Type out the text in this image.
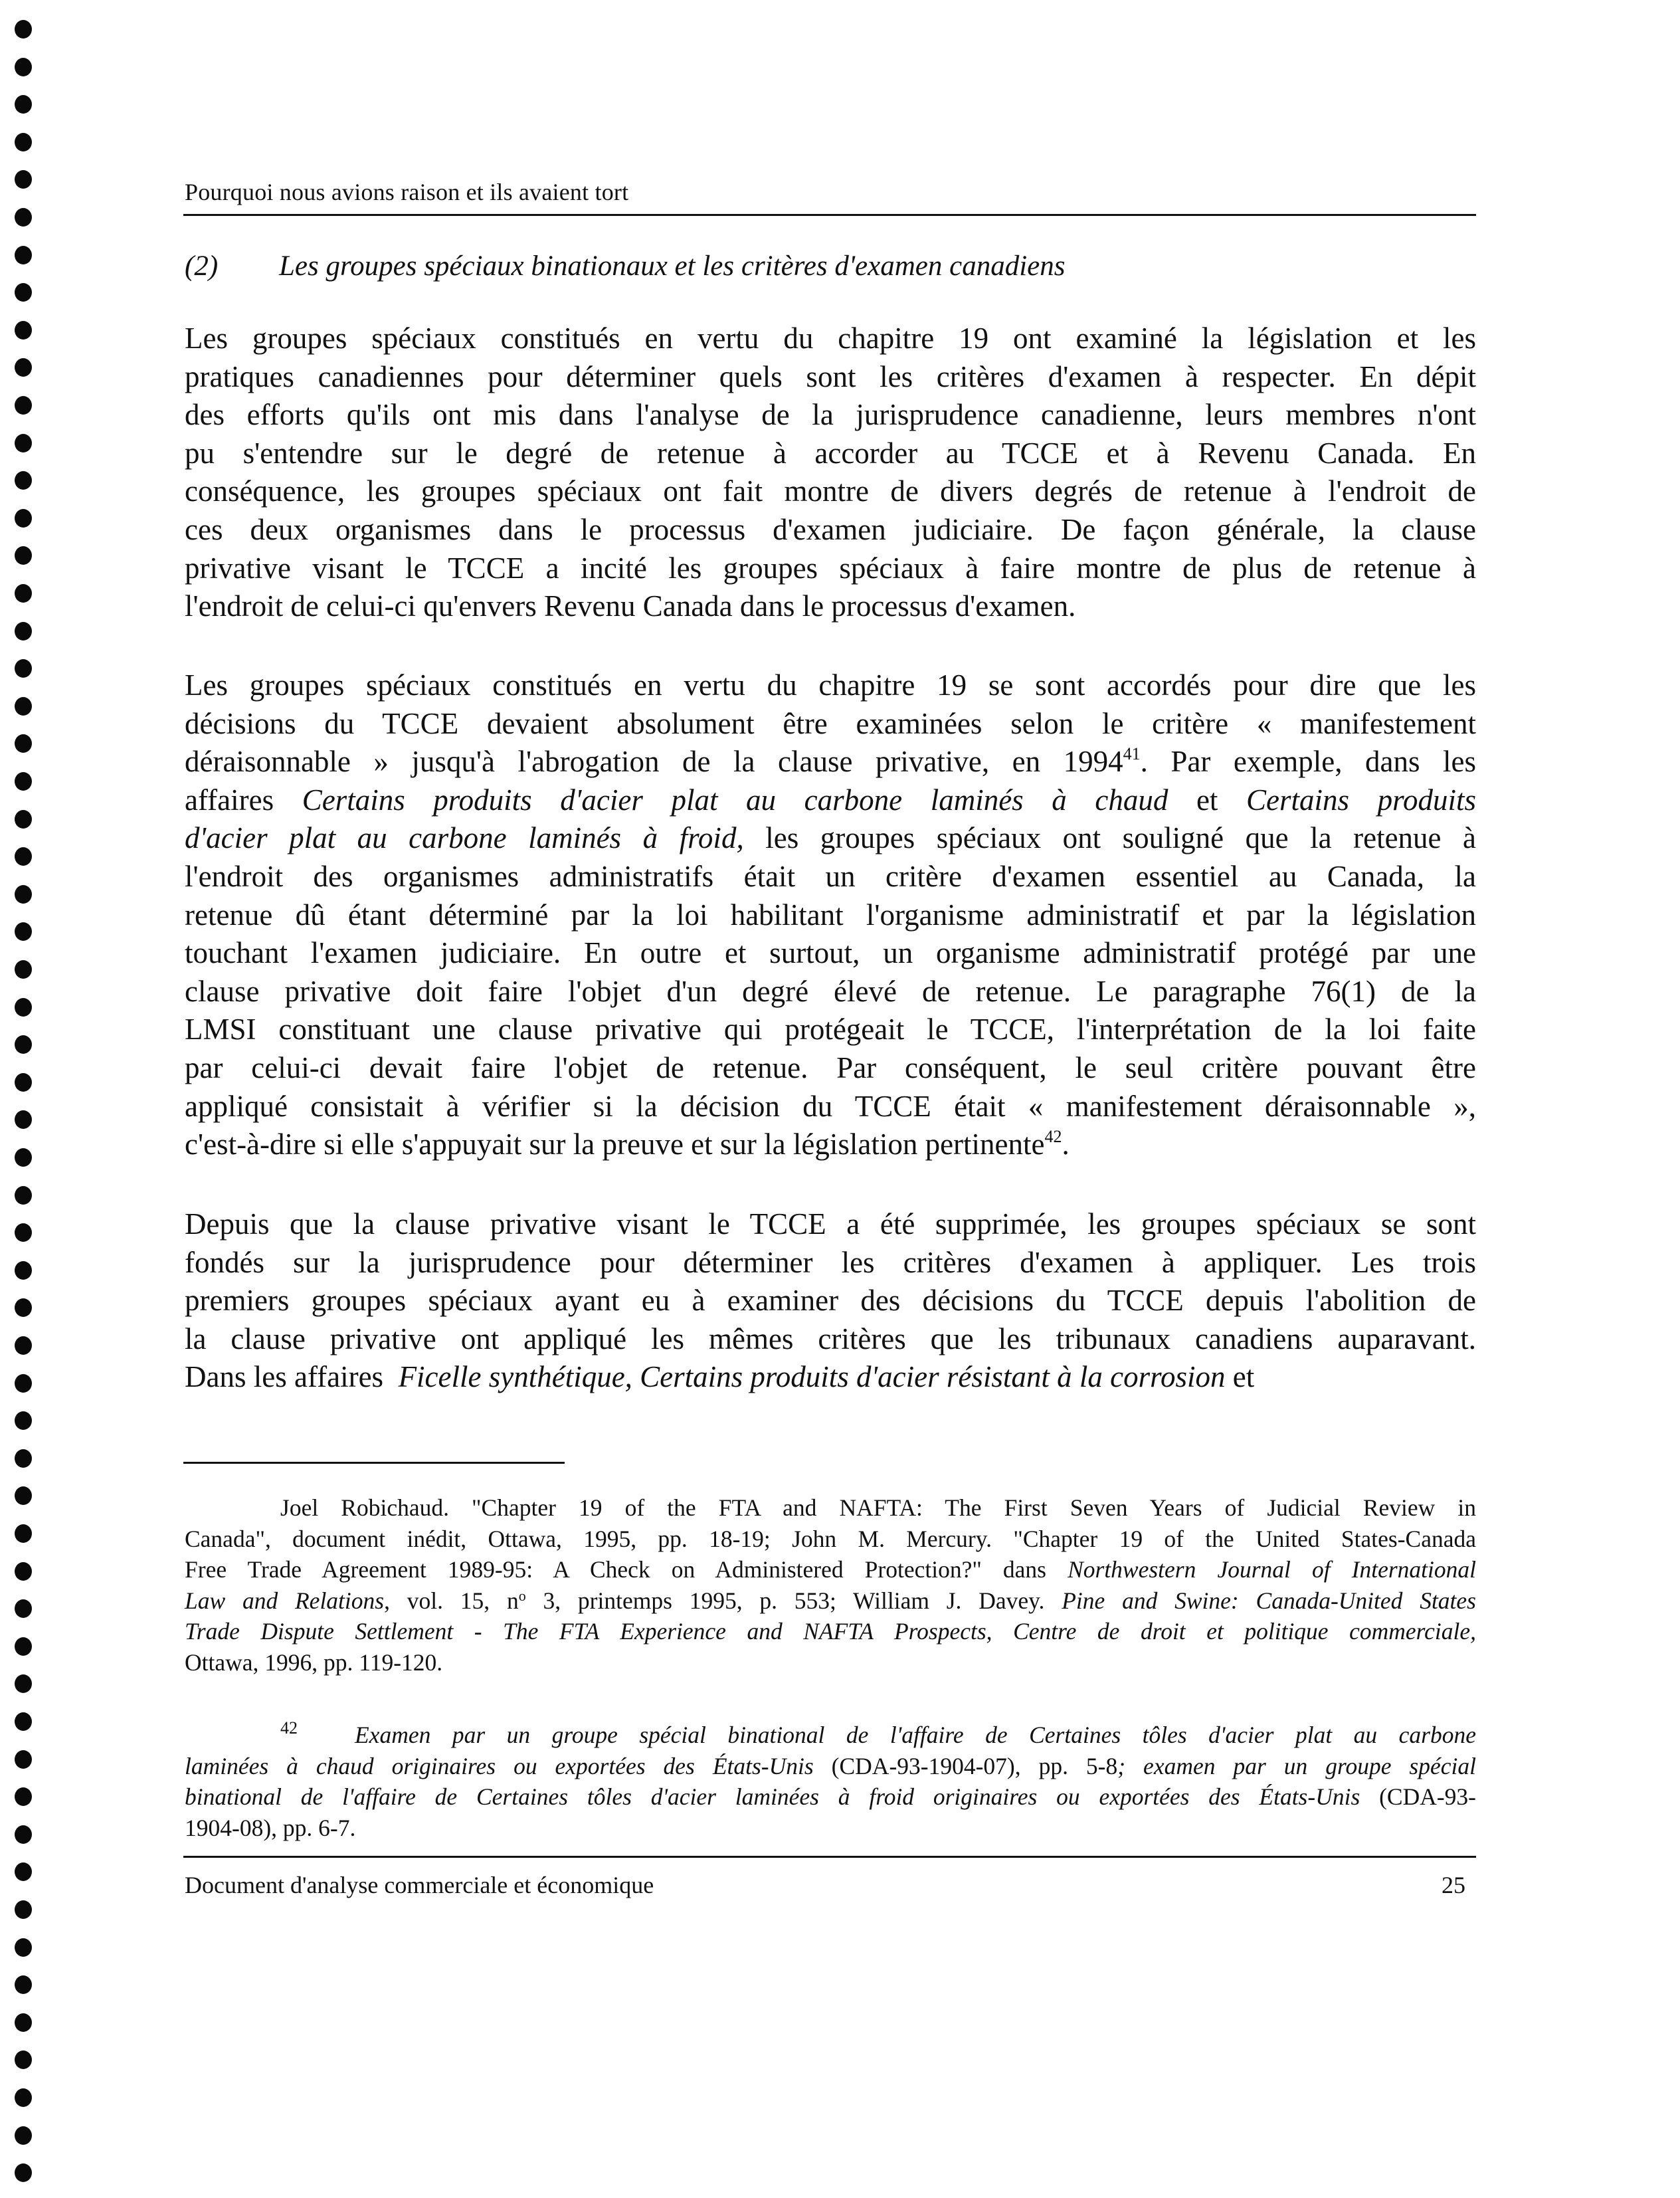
Pourquoi nous avions raison et ils avaient tort
(2) Les groupes spéciaux binationaux et les critères d'examen canadiens
Les groupes spéciaux constitués en vertu du chapitre 19 ont examiné la législation et les
pratiques canadiennes pour déterminer quels sont les critères d'examen à respecter. En dépit
des efforts qu'ils ont mis dans l'analyse de la jurisprudence canadienne, leurs membres n'ont
pu s'entendre sur le degré de retenue à accorder au TCCE et à Revenu Canada. En
conséquence, les groupes spéciaux ont fait montre de divers degrés de retenue à l'endroit de
ces deux organismes dans le processus d'examen judiciaire. De façon générale, la clause
privative visant le TCCE a incité les groupes spéciaux à faire montre de plus de retenue à
l'endroit de celui-ci qu'envers Revenu Canada dans le processus d'examen.
Les groupes spéciaux constitués en vertu du chapitre 19 se sont accordés pour dire que les
décisions du TCCE devaient absolument être examinées selon le critère « manifestement
déraisonnable » jusqu'à l'abrogation de la clause privative, en 1994$^{41}$. Par exemple, dans les
affaires Certains produits d'acier plat au carbone laminés à chaud et Certains produits
d'acier plat au carbone laminés à froid, les groupes spéciaux ont souligné que la retenue à
l'endroit des organismes administratifs était un critère d'examen essentiel au Canada, la
retenue dû étant déterminé par la loi habilitant l'organisme administratif et par la législation
touchant l'examen judiciaire. En outre et surtout, un organisme administratif protégé par une
clause privative doit faire l'objet d'un degré élevé de retenue. Le paragraphe 76(1) de la
LMSI constituant une clause privative qui protégeait le TCCE, l'interprétation de la loi faite
par celui-ci devait faire l'objet de retenue. Par conséquent, le seul critère pouvant être
appliqué consistait à vérifier si la décision du TCCE était « manifestement déraisonnable »,
c'est-à-dire si elle s'appuyait sur la preuve et sur la législation pertinente$^{42}$.
Depuis que la clause privative visant le TCCE a été supprimée, les groupes spéciaux se sont
fondés sur la jurisprudence pour déterminer les critères d'examen à appliquer. Les trois
premiers groupes spéciaux ayant eu à examiner des décisions du TCCE depuis l'abolition de
la clause privative ont appliqué les mêmes critères que les tribunaux canadiens auparavant.
Dans les affaires  Ficelle synthétique, Certains produits d'acier résistant à la corrosion et
Joel Robichaud. "Chapter 19 of the FTA and NAFTA: The First Seven Years of Judicial Review in
Canada", document inédit, Ottawa, 1995, pp. 18-19; John M. Mercury. "Chapter 19 of the United States-Canada
Free Trade Agreement 1989-95: A Check on Administered Protection?" dans Northwestern Journal of International
Law and Relations, vol. 15, $n^o$ 3, printemps 1995, p. 553; William J. Davey. Pine and Swine: Canada-United States
Trade Dispute Settlement - The FTA Experience and NAFTA Prospects, Centre de droit et politique commerciale,
Ottawa, 1996, pp. 119-120.
$^{42}$ Examen par un groupe spécial binational de l'affaire de Certaines tôles d'acier plat au carbone
laminées à chaud originaires ou exportées des États-Unis (CDA-93-1904-07), pp. 5-8; examen par un groupe spécial
binational de l'affaire de Certaines tôles d'acier laminées à froid originaires ou exportées des États-Unis (CDA-93-
1904-08), pp. 6-7.
Document d'analyse commerciale et économique	25
